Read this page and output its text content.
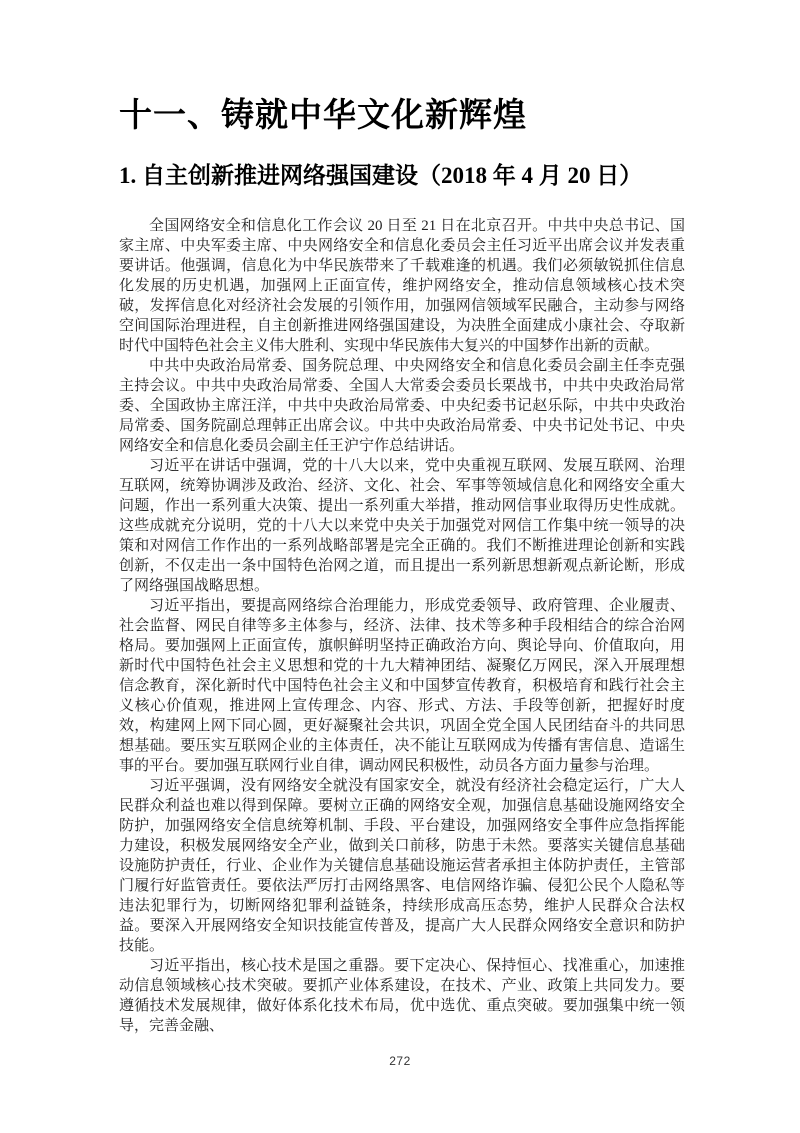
十一、铸就中华文化新辉煌
1. 自主创新推进网络强国建设（2018 年 4 月 20 日）

全国网络安全和信息化工作会议 20 日至 21 日在北京召开。中共中央总书记、国家主席、中央军委主席、中央网络安全和信息化委员会主任习近平出席会议并发表重要讲话。他强调，信息化为中华民族带来了千载难逢的机遇。我们必须敏锐抓住信息化发展的历史机遇，加强网上正面宣传，维护网络安全，推动信息领域核心技术突破，发挥信息化对经济社会发展的引领作用，加强网信领域军民融合，主动参与网络空间国际治理进程，自主创新推进网络强国建设，为决胜全面建成小康社会、夺取新时代中国特色社会主义伟大胜利、实现中华民族伟大复兴的中国梦作出新的贡献。

中共中央政治局常委、国务院总理、中央网络安全和信息化委员会副主任李克强主持会议。中共中央政治局常委、全国人大常委会委员长栗战书，中共中央政治局常委、全国政协主席汪洋，中共中央政治局常委、中央纪委书记赵乐际，中共中央政治局常委、国务院副总理韩正出席会议。中共中央政治局常委、中央书记处书记、中央网络安全和信息化委员会副主任王沪宁作总结讲话。

习近平在讲话中强调，党的十八大以来，党中央重视互联网、发展互联网、治理互联网，统筹协调涉及政治、经济、文化、社会、军事等领域信息化和网络安全重大问题，作出一系列重大决策、提出一系列重大举措，推动网信事业取得历史性成就。这些成就充分说明，党的十八大以来党中央关于加强党对网信工作集中统一领导的决策和对网信工作作出的一系列战略部署是完全正确的。我们不断推进理论创新和实践创新，不仅走出一条中国特色治网之道，而且提出一系列新思想新观点新论断，形成了网络强国战略思想。

习近平指出，要提高网络综合治理能力，形成党委领导、政府管理、企业履责、社会监督、网民自律等多主体参与，经济、法律、技术等多种手段相结合的综合治网格局。要加强网上正面宣传，旗帜鲜明坚持正确政治方向、舆论导向、价值取向，用新时代中国特色社会主义思想和党的十九大精神团结、凝聚亿万网民，深入开展理想信念教育，深化新时代中国特色社会主义和中国梦宣传教育，积极培育和践行社会主义核心价值观，推进网上宣传理念、内容、形式、方法、手段等创新，把握好时度效，构建网上网下同心圆，更好凝聚社会共识，巩固全党全国人民团结奋斗的共同思想基础。要压实互联网企业的主体责任，决不能让互联网成为传播有害信息、造谣生事的平台。要加强互联网行业自律，调动网民积极性，动员各方面力量参与治理。

习近平强调，没有网络安全就没有国家安全，就没有经济社会稳定运行，广大人民群众利益也难以得到保障。要树立正确的网络安全观，加强信息基础设施网络安全防护，加强网络安全信息统筹机制、手段、平台建设，加强网络安全事件应急指挥能力建设，积极发展网络安全产业，做到关口前移，防患于未然。要落实关键信息基础设施防护责任，行业、企业作为关键信息基础设施运营者承担主体防护责任，主管部门履行好监管责任。要依法严厉打击网络黑客、电信网络诈骗、侵犯公民个人隐私等违法犯罪行为，切断网络犯罪利益链条，持续形成高压态势，维护人民群众合法权益。要深入开展网络安全知识技能宣传普及，提高广大人民群众网络安全意识和防护技能。

习近平指出，核心技术是国之重器。要下定决心、保持恒心、找准重心，加速推动信息领域核心技术突破。要抓产业体系建设，在技术、产业、政策上共同发力。要遵循技术发展规律，做好体系化技术布局，优中选优、重点突破。要加强集中统一领导，完善金融、

272
